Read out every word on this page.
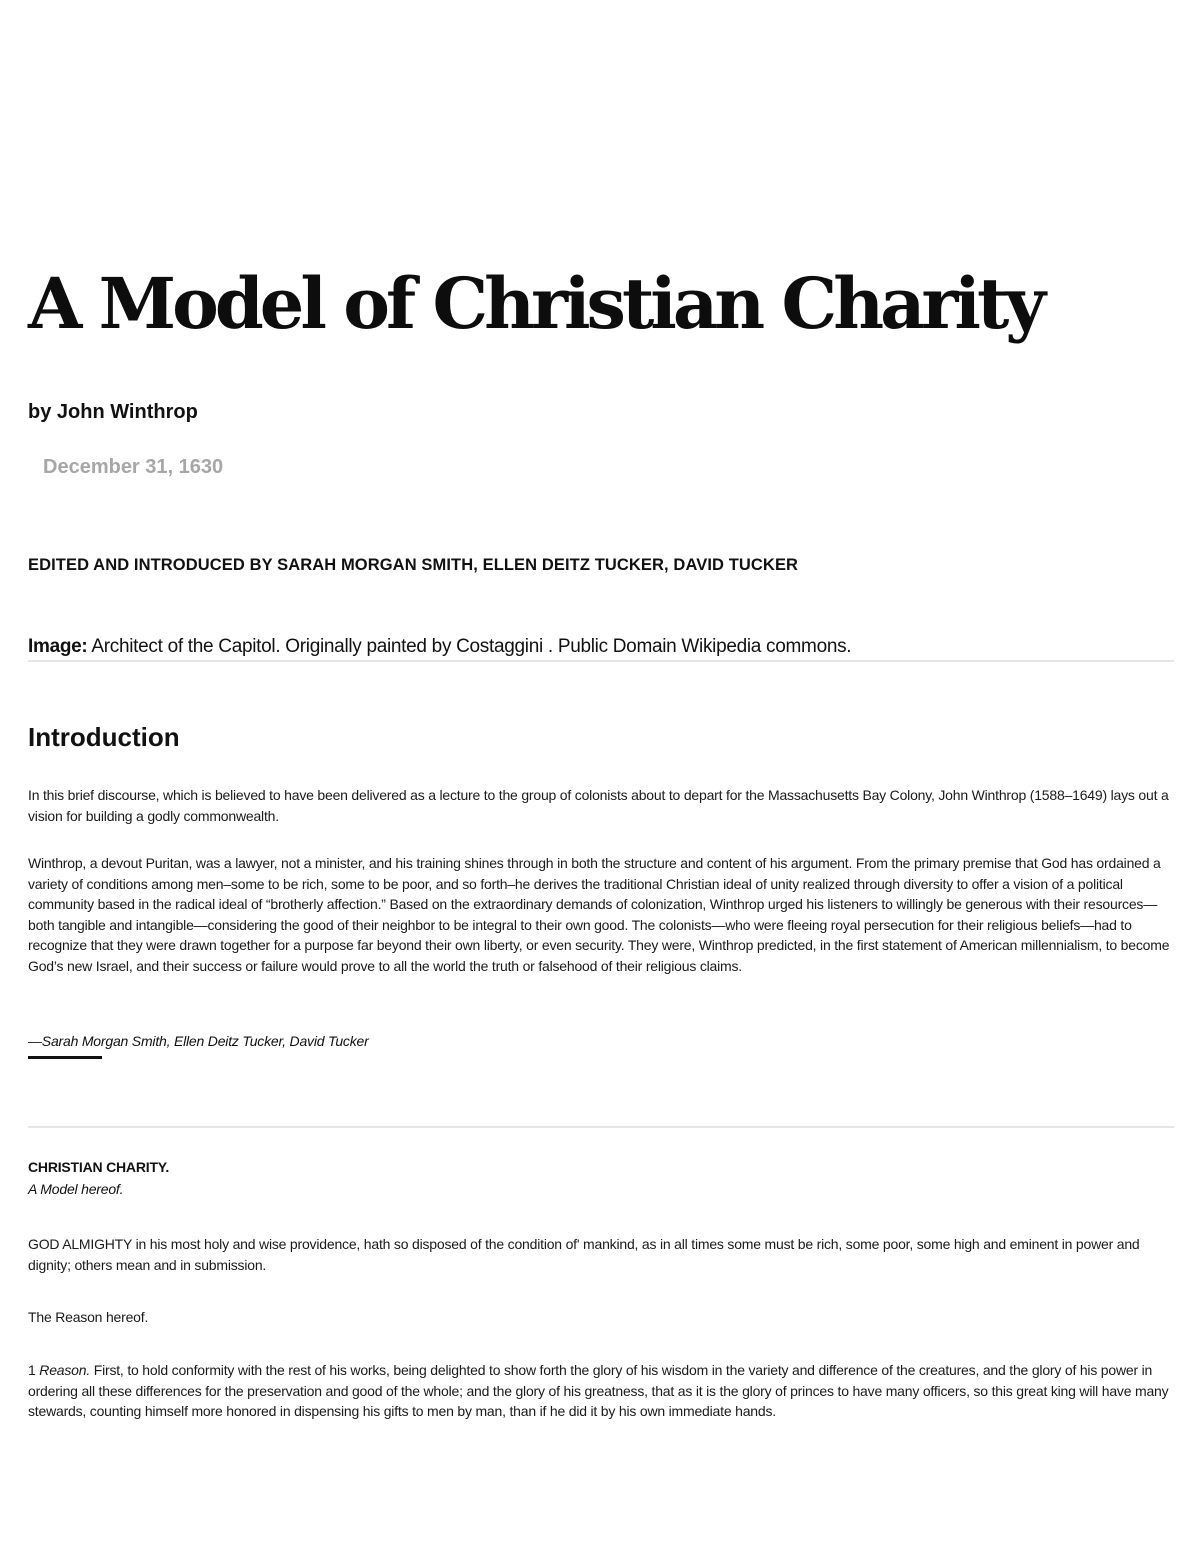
A Model of Christian Charity
by John Winthrop
December 31, 1630
EDITED AND INTRODUCED BY SARAH MORGAN SMITH, ELLEN DEITZ TUCKER, DAVID TUCKER
Image: Architect of the Capitol. Originally painted by Costaggini . Public Domain Wikipedia commons.
Introduction

In this brief discourse, which is believed to have been delivered as a lecture to the group of colonists about to depart for the Massachusetts Bay Colony, John Winthrop (1588–1649) lays out a vision for building a godly commonwealth.

Winthrop, a devout Puritan, was a lawyer, not a minister, and his training shines through in both the structure and content of his argument. From the primary premise that God has ordained a variety of conditions among men–some to be rich, some to be poor, and so forth–he derives the traditional Christian ideal of unity realized through diversity to offer a vision of a political community based in the radical ideal of “brotherly affection.” Based on the extraordinary demands of colonization, Winthrop urged his listeners to willingly be generous with their resources—both tangible and intangible—considering the good of their neighbor to be integral to their own good. The colonists—who were fleeing royal persecution for their religious beliefs—had to recognize that they were drawn together for a purpose far beyond their own liberty, or even security. They were, Winthrop predicted, in the first statement of American millennialism, to become God’s new Israel, and their success or failure would prove to all the world the truth or falsehood of their religious claims.

—Sarah Morgan Smith, Ellen Deitz Tucker, David Tucker
CHRISTIAN CHARITY.
A Model hereof.

GOD ALMIGHTY in his most holy and wise providence, hath so disposed of the condition of' mankind, as in all times some must be rich, some poor, some high and eminent in power and dignity; others mean and in submission.

The Reason hereof.

1 Reason. First, to hold conformity with the rest of his works, being delighted to show forth the glory of his wisdom in the variety and difference of the creatures, and the glory of his power in ordering all these differences for the preservation and good of the whole; and the glory of his greatness, that as it is the glory of princes to have many officers, so this great king will have many stewards, counting himself more honored in dispensing his gifts to men by man, than if he did it by his own immediate hands.
